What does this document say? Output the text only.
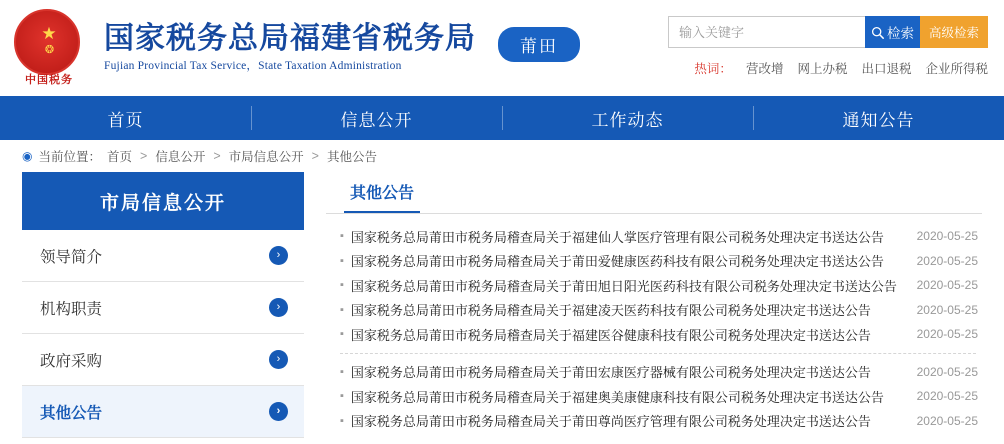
★
❂
中国税务
国家税务总局福建省税务局
Fujian Provincial Tax Service，State Taxation Administration
莆田
输入关键字
检索	高级检索
热词： 营改增 网上办税 出口退税 企业所得税
首页	信息公开	工作动态	通知公告
◉ 当前位置： 首页 > 信息公开 > 市局信息公开 > 其他公告
市局信息公开
领导简介	›
机构职责	›
政府采购	›
其他公告	›
其他公告
▪ 国家税务总局莆田市税务局稽查局关于福建仙人掌医疗管理有限公司税务处理决定书送达公告	2020-05-25
▪ 国家税务总局莆田市税务局稽查局关于莆田爱健康医药科技有限公司税务处理决定书送达公告	2020-05-25
▪ 国家税务总局莆田市税务局稽查局关于莆田旭日阳光医药科技有限公司税务处理决定书送达公告	2020-05-25
▪ 国家税务总局莆田市税务局稽查局关于福建凌天医药科技有限公司税务处理决定书送达公告	2020-05-25
▪ 国家税务总局莆田市税务局稽查局关于福建医谷健康科技有限公司税务处理决定书送达公告	2020-05-25
▪ 国家税务总局莆田市税务局稽查局关于莆田宏康医疗器械有限公司税务处理决定书送达公告	2020-05-25
▪ 国家税务总局莆田市税务局稽查局关于福建奥美康健康科技有限公司税务处理决定书送达公告	2020-05-25
▪ 国家税务总局莆田市税务局稽查局关于莆田尊尚医疗管理有限公司税务处理决定书送达公告	2020-05-25
